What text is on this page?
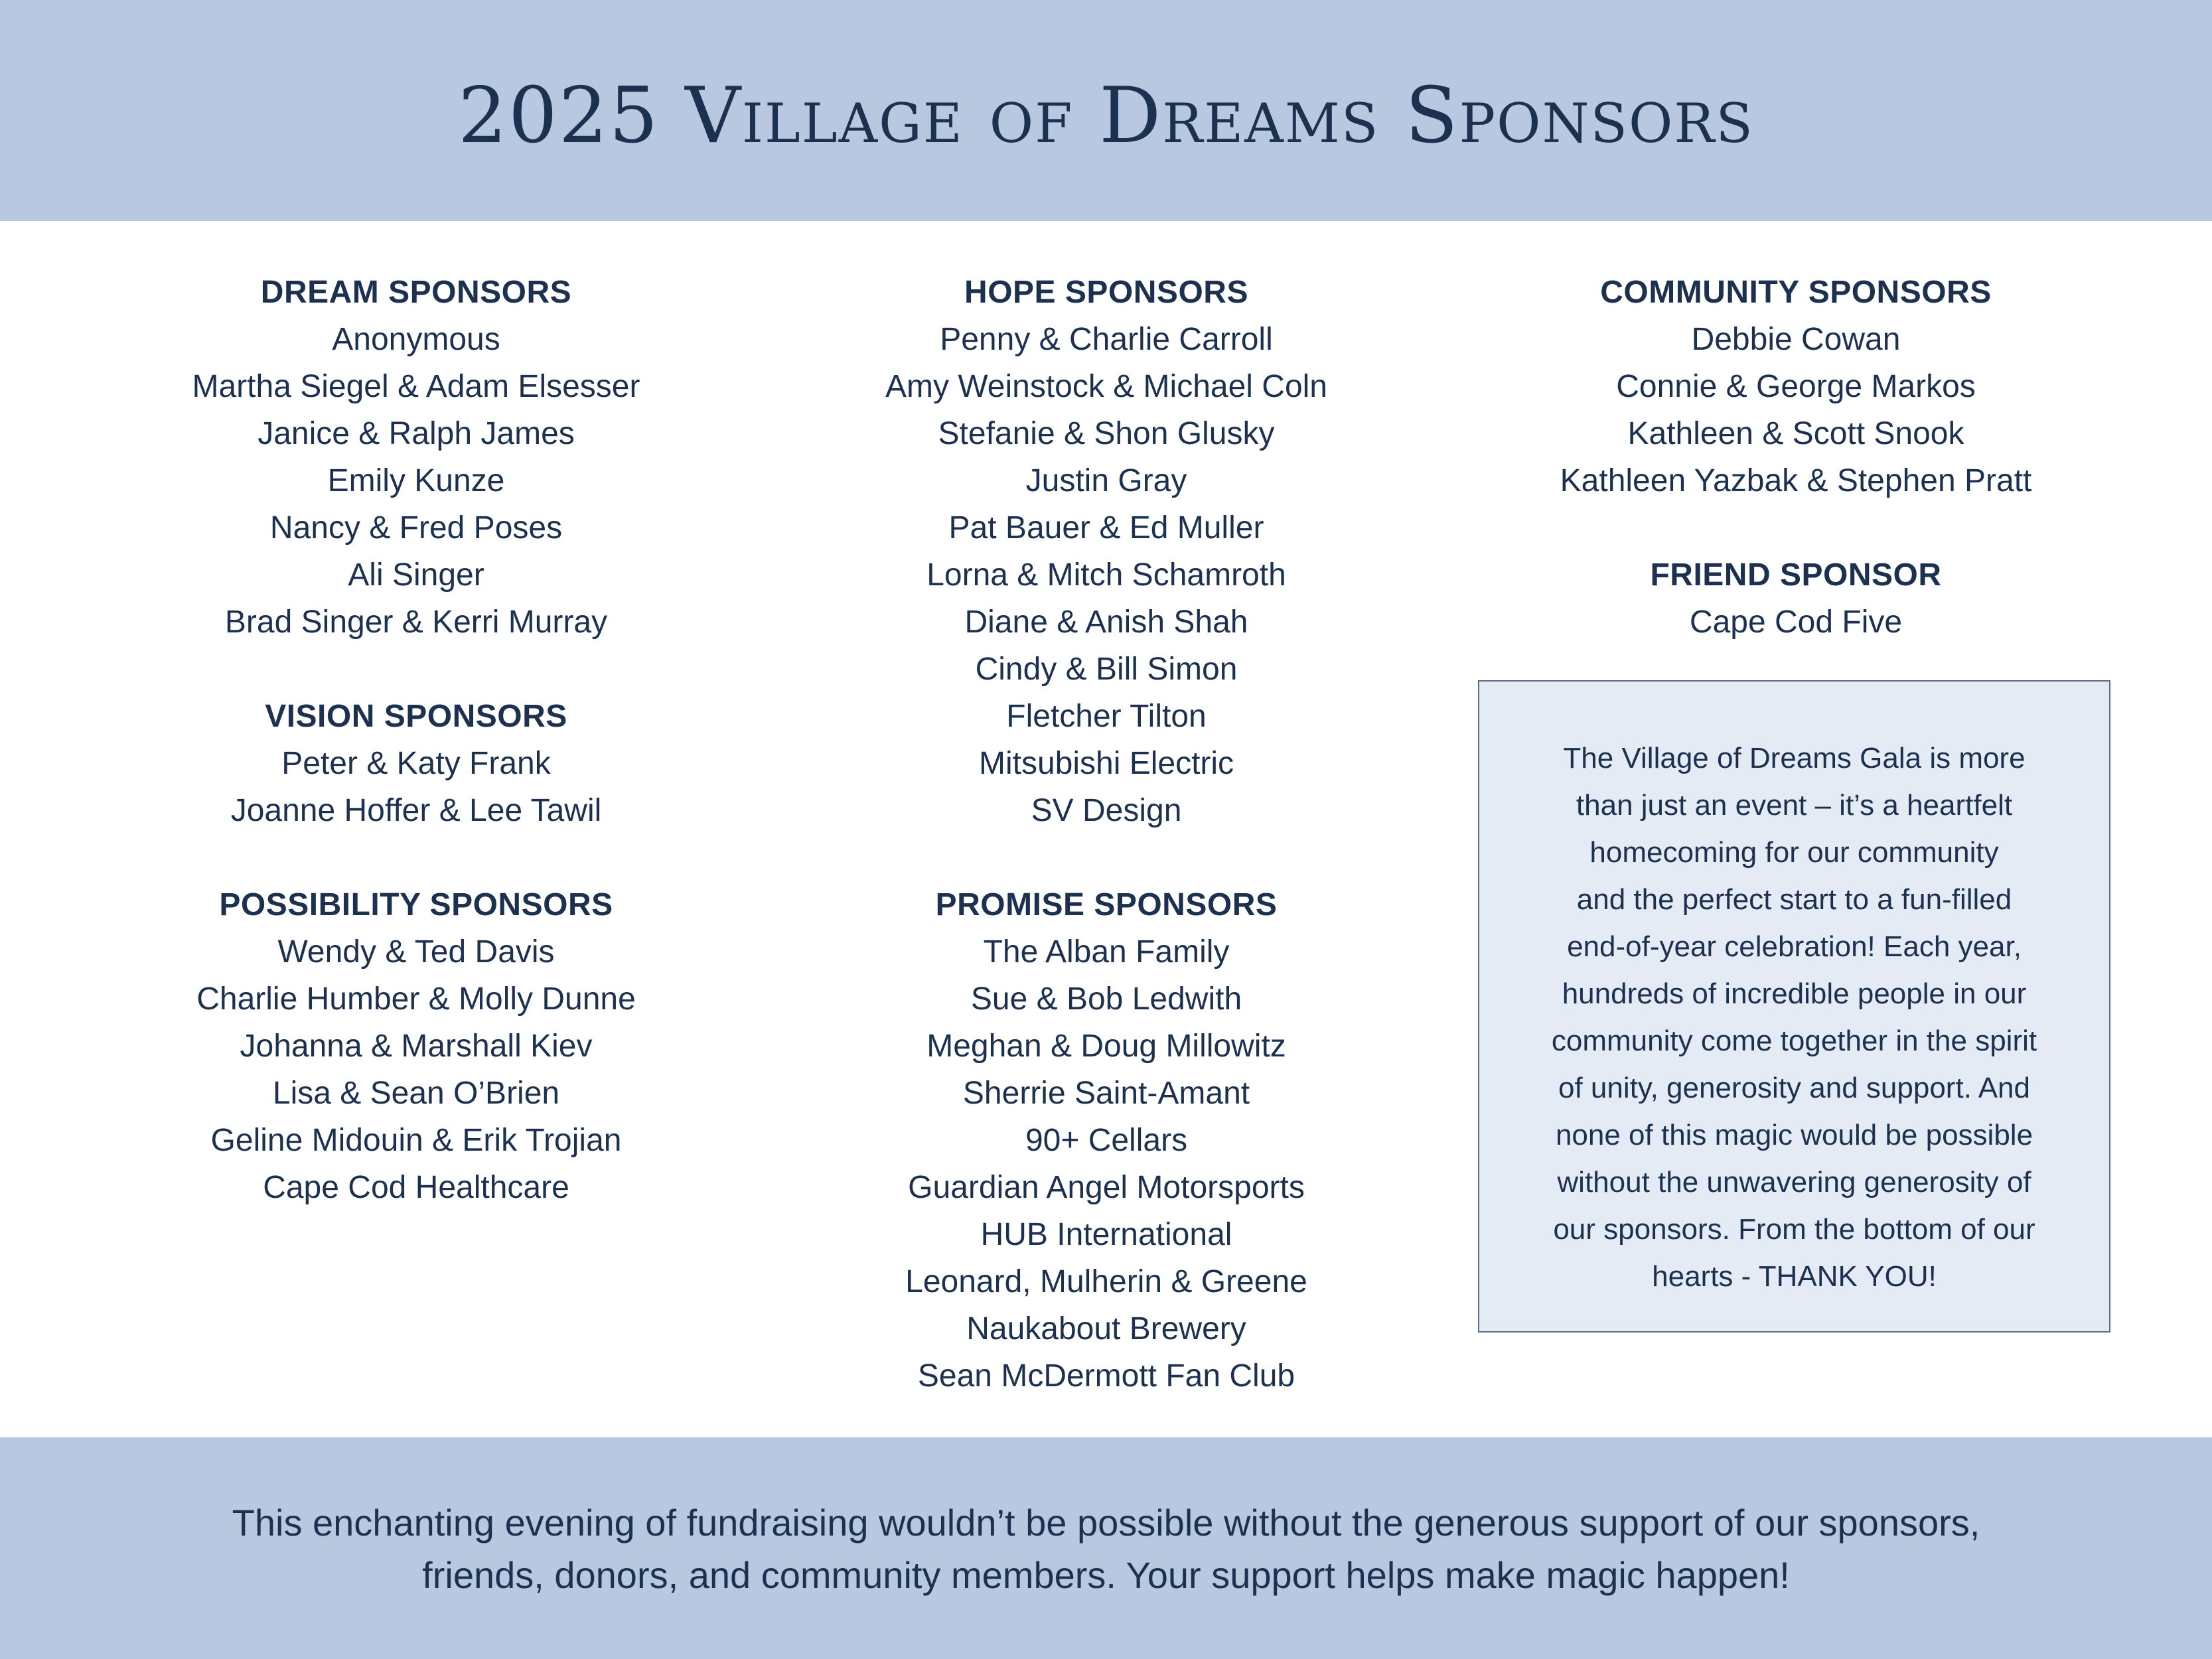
2025 Village of Dreams Sponsors
DREAM SPONSORS
Anonymous
Martha Siegel & Adam Elsesser
Janice & Ralph James
Emily Kunze
Nancy & Fred Poses
Ali Singer
Brad Singer & Kerri Murray
VISION SPONSORS
Peter & Katy Frank
Joanne Hoffer & Lee Tawil
POSSIBILITY SPONSORS
Wendy & Ted Davis
Charlie Humber & Molly Dunne
Johanna & Marshall Kiev
Lisa & Sean O’Brien
Geline Midouin & Erik Trojian
Cape Cod Healthcare
HOPE SPONSORS
Penny & Charlie Carroll
Amy Weinstock & Michael Coln
Stefanie & Shon Glusky
Justin Gray
Pat Bauer & Ed Muller
Lorna & Mitch Schamroth
Diane & Anish Shah
Cindy & Bill Simon
Fletcher Tilton
Mitsubishi Electric
SV Design
PROMISE SPONSORS
The Alban Family
Sue & Bob Ledwith
Meghan & Doug Millowitz
Sherrie Saint-Amant
90+ Cellars
Guardian Angel Motorsports
HUB International
Leonard, Mulherin & Greene
Naukabout Brewery
Sean McDermott Fan Club
COMMUNITY SPONSORS
Debbie Cowan
Connie & George Markos
Kathleen & Scott Snook
Kathleen Yazbak & Stephen Pratt
FRIEND SPONSOR
Cape Cod Five
The Village of Dreams Gala is more
than just an event – it’s a heartfelt
homecoming for our community
and the perfect start to a fun-filled
end-of-year celebration! Each year,
hundreds of incredible people in our
community come together in the spirit
of unity, generosity and support. And
none of this magic would be possible
without the unwavering generosity of
our sponsors. From the bottom of our
hearts - THANK YOU!
This enchanting evening of fundraising wouldn’t be possible without the generous support of our sponsors,
friends, donors, and community members. Your support helps make magic happen!
